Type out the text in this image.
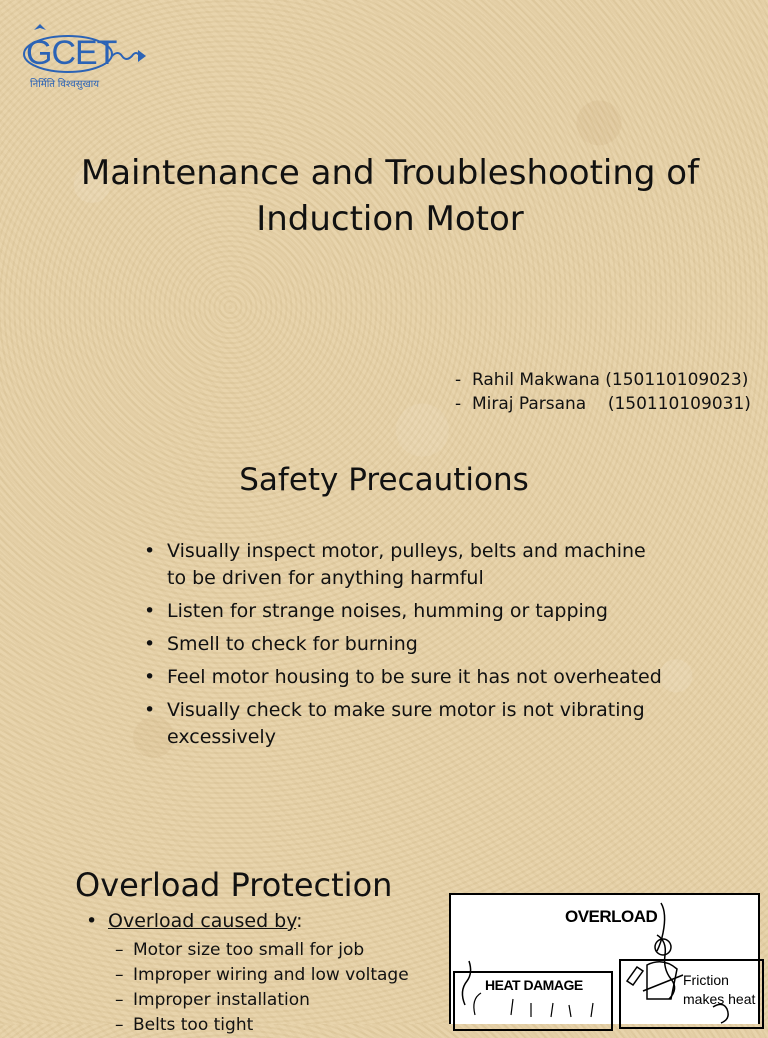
GCET
निर्मिति विश्वसुखाय
Maintenance and Troubleshooting of
Induction Motor
-  Rahil Makwana (150110109023)
-  Miraj Parsana    (150110109031)
Safety Precautions
• Visually inspect motor, pulleys, belts and machine to be driven for anything harmful
• Listen for strange noises, humming or tapping
• Smell to check for burning
• Feel motor housing to be sure it has not overheated
• Visually check to make sure motor is not vibrating excessively
Overload Protection
• Overload caused by:
– Motor size too small for job
– Improper wiring and low voltage
– Improper installation
– Belts too tight
OVERLOAD
HEAT DAMAGE	Friction makes heat
